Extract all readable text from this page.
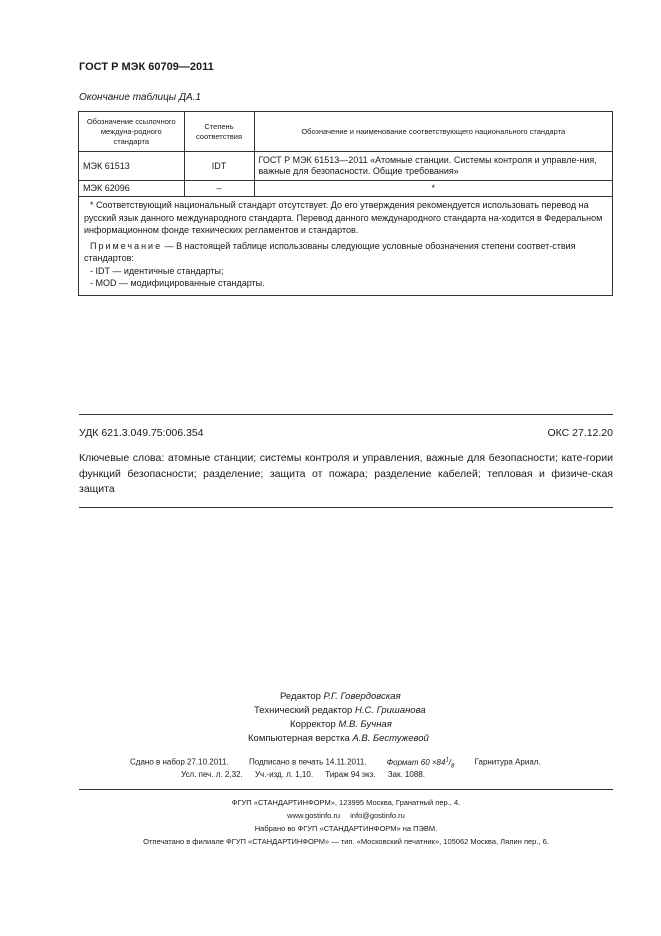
ГОСТ Р МЭК 60709—2011
Окончание таблицы ДА.1
Обозначение ссылочного междуна-родного стандарта	Степень соответствия	Обозначение и наименование соответствующего национального стандарта
МЭК 61513	IDT	ГОСТ Р МЭК 61513—2011 «Атомные станции. Системы контроля и управле-ния, важные для безопасности. Общие требования»
МЭК 62096	–	*

* Соответствующий национальный стандарт отсутствует. До его утверждения рекомендуется использовать перевод на русский язык данного международного стандарта. Перевод данного международного стандарта на-ходится в Федеральном информационном фонде технических регламентов и стандартов.

Примечание — В настоящей таблице использованы следующие условные обозначения степени соответ-ствия стандартов:

- IDT — идентичные стандарты;

- MOD — модифицированные стандарты.

УДК 621.3.049.75:006.354	ОКС 27.12.20
Ключевые слова: атомные станции; системы контроля и управления, важные для безопасности; кате-гории функций безопасности; разделение; защита от пожара; разделение кабелей; тепловая и физиче-ская защита
Редактор Р.Г. Говердовская
Технический редактор Н.С. Гришанова
Корректор М.В. Бучная
Компьютерная верстка А.В. Бестужевой
Сдано в набор 27.10.2011.	Подписано в печать 14.11.2011.	Формат $60 \times 84^1/_8$	Гарнитура Ариал.
Усл. печ. л. 2,32. Уч.-изд. л. 1,10. Тираж 94 экз. Зак. 1088.
ФГУП «СТАНДАРТИНФОРМ», 123995 Москва, Гранатный пер., 4.
www.gostinfo.ru info@gostinfo.ru
Набрано во ФГУП «СТАНДАРТИНФОРМ» на ПЭВМ.
Отпечатано в филиале ФГУП «СТАНДАРТИНФОРМ» — тип. «Московский печатник», 105062 Москва, Лялин пер., 6.
